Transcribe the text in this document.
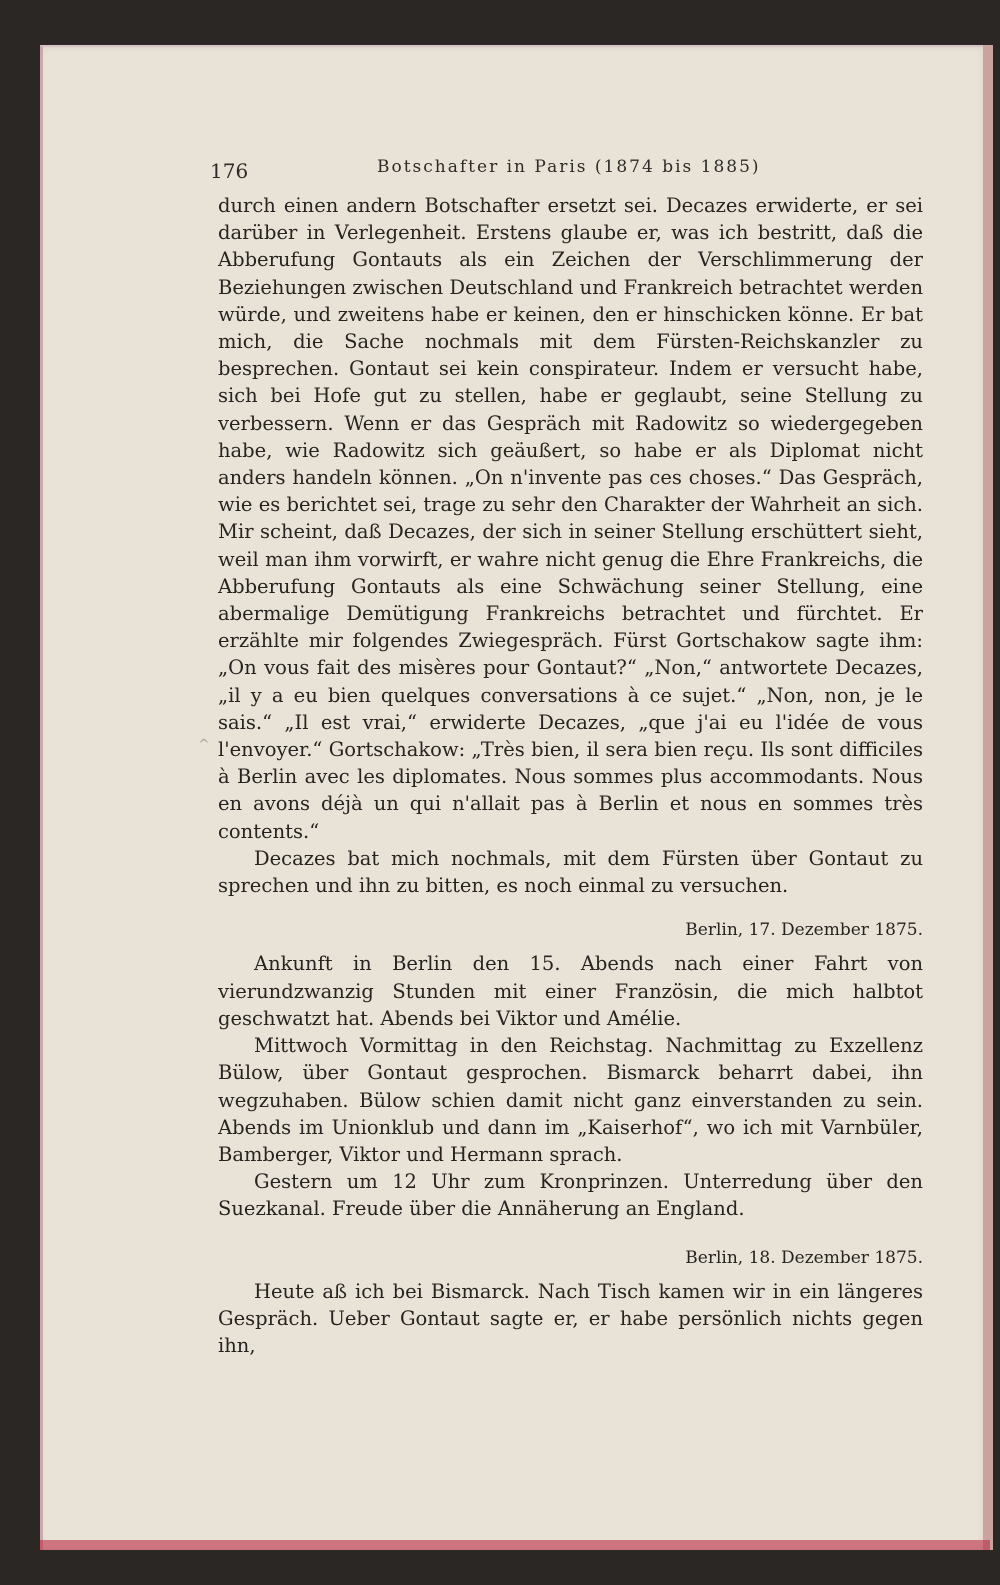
176	Botschafter in Paris (1874 bis 1885)
^

durch einen andern Botschafter ersetzt sei. Decazes erwiderte, er sei darüber in Verlegenheit. Erstens glaube er, was ich bestritt, daß die Abberufung Gontauts als ein Zeichen der Verschlimmerung der Beziehungen zwischen Deutschland und Frankreich betrachtet werden würde, und zweitens habe er keinen, den er hinschicken könne. Er bat mich, die Sache nochmals mit dem Fürsten-Reichskanzler zu besprechen. Gontaut sei kein conspirateur. Indem er versucht habe, sich bei Hofe gut zu stellen, habe er geglaubt, seine Stellung zu verbessern. Wenn er das Gespräch mit Radowitz so wiedergegeben habe, wie Radowitz sich geäußert, so habe er als Diplomat nicht anders handeln können. „On n'invente pas ces choses.“ Das Gespräch, wie es berichtet sei, trage zu sehr den Charakter der Wahrheit an sich. Mir scheint, daß Decazes, der sich in seiner Stellung erschüttert sieht, weil man ihm vorwirft, er wahre nicht genug die Ehre Frankreichs, die Abberufung Gontauts als eine Schwächung seiner Stellung, eine abermalige Demütigung Frankreichs betrachtet und fürchtet. Er erzählte mir folgendes Zwiegespräch. Fürst Gortschakow sagte ihm: „On vous fait des misères pour Gontaut?“ „Non,“ antwortete Decazes, „il y a eu bien quelques conversations à ce sujet.“ „Non, non, je le sais.“ „Il est vrai,“ erwiderte Decazes, „que j'ai eu l'idée de vous l'envoyer.“ Gortschakow: „Très bien, il sera bien reçu. Ils sont difficiles à Berlin avec les diplomates. Nous sommes plus accommodants. Nous en avons déjà un qui n'allait pas à Berlin et nous en sommes très contents.“

Decazes bat mich nochmals, mit dem Fürsten über Gontaut zu sprechen und ihn zu bitten, es noch einmal zu versuchen.

Berlin, 17. Dezember 1875.

Ankunft in Berlin den 15. Abends nach einer Fahrt von vierundzwanzig Stunden mit einer Französin, die mich halbtot geschwatzt hat. Abends bei Viktor und Amélie.

Mittwoch Vormittag in den Reichstag. Nachmittag zu Exzellenz Bülow, über Gontaut gesprochen. Bismarck beharrt dabei, ihn wegzuhaben. Bülow schien damit nicht ganz einverstanden zu sein. Abends im Unionklub und dann im „Kaiserhof“, wo ich mit Varnbüler, Bamberger, Viktor und Hermann sprach.

Gestern um 12 Uhr zum Kronprinzen. Unterredung über den Suezkanal. Freude über die Annäherung an England.

Berlin, 18. Dezember 1875.

Heute aß ich bei Bismarck. Nach Tisch kamen wir in ein längeres Gespräch. Ueber Gontaut sagte er, er habe persönlich nichts gegen ihn,
